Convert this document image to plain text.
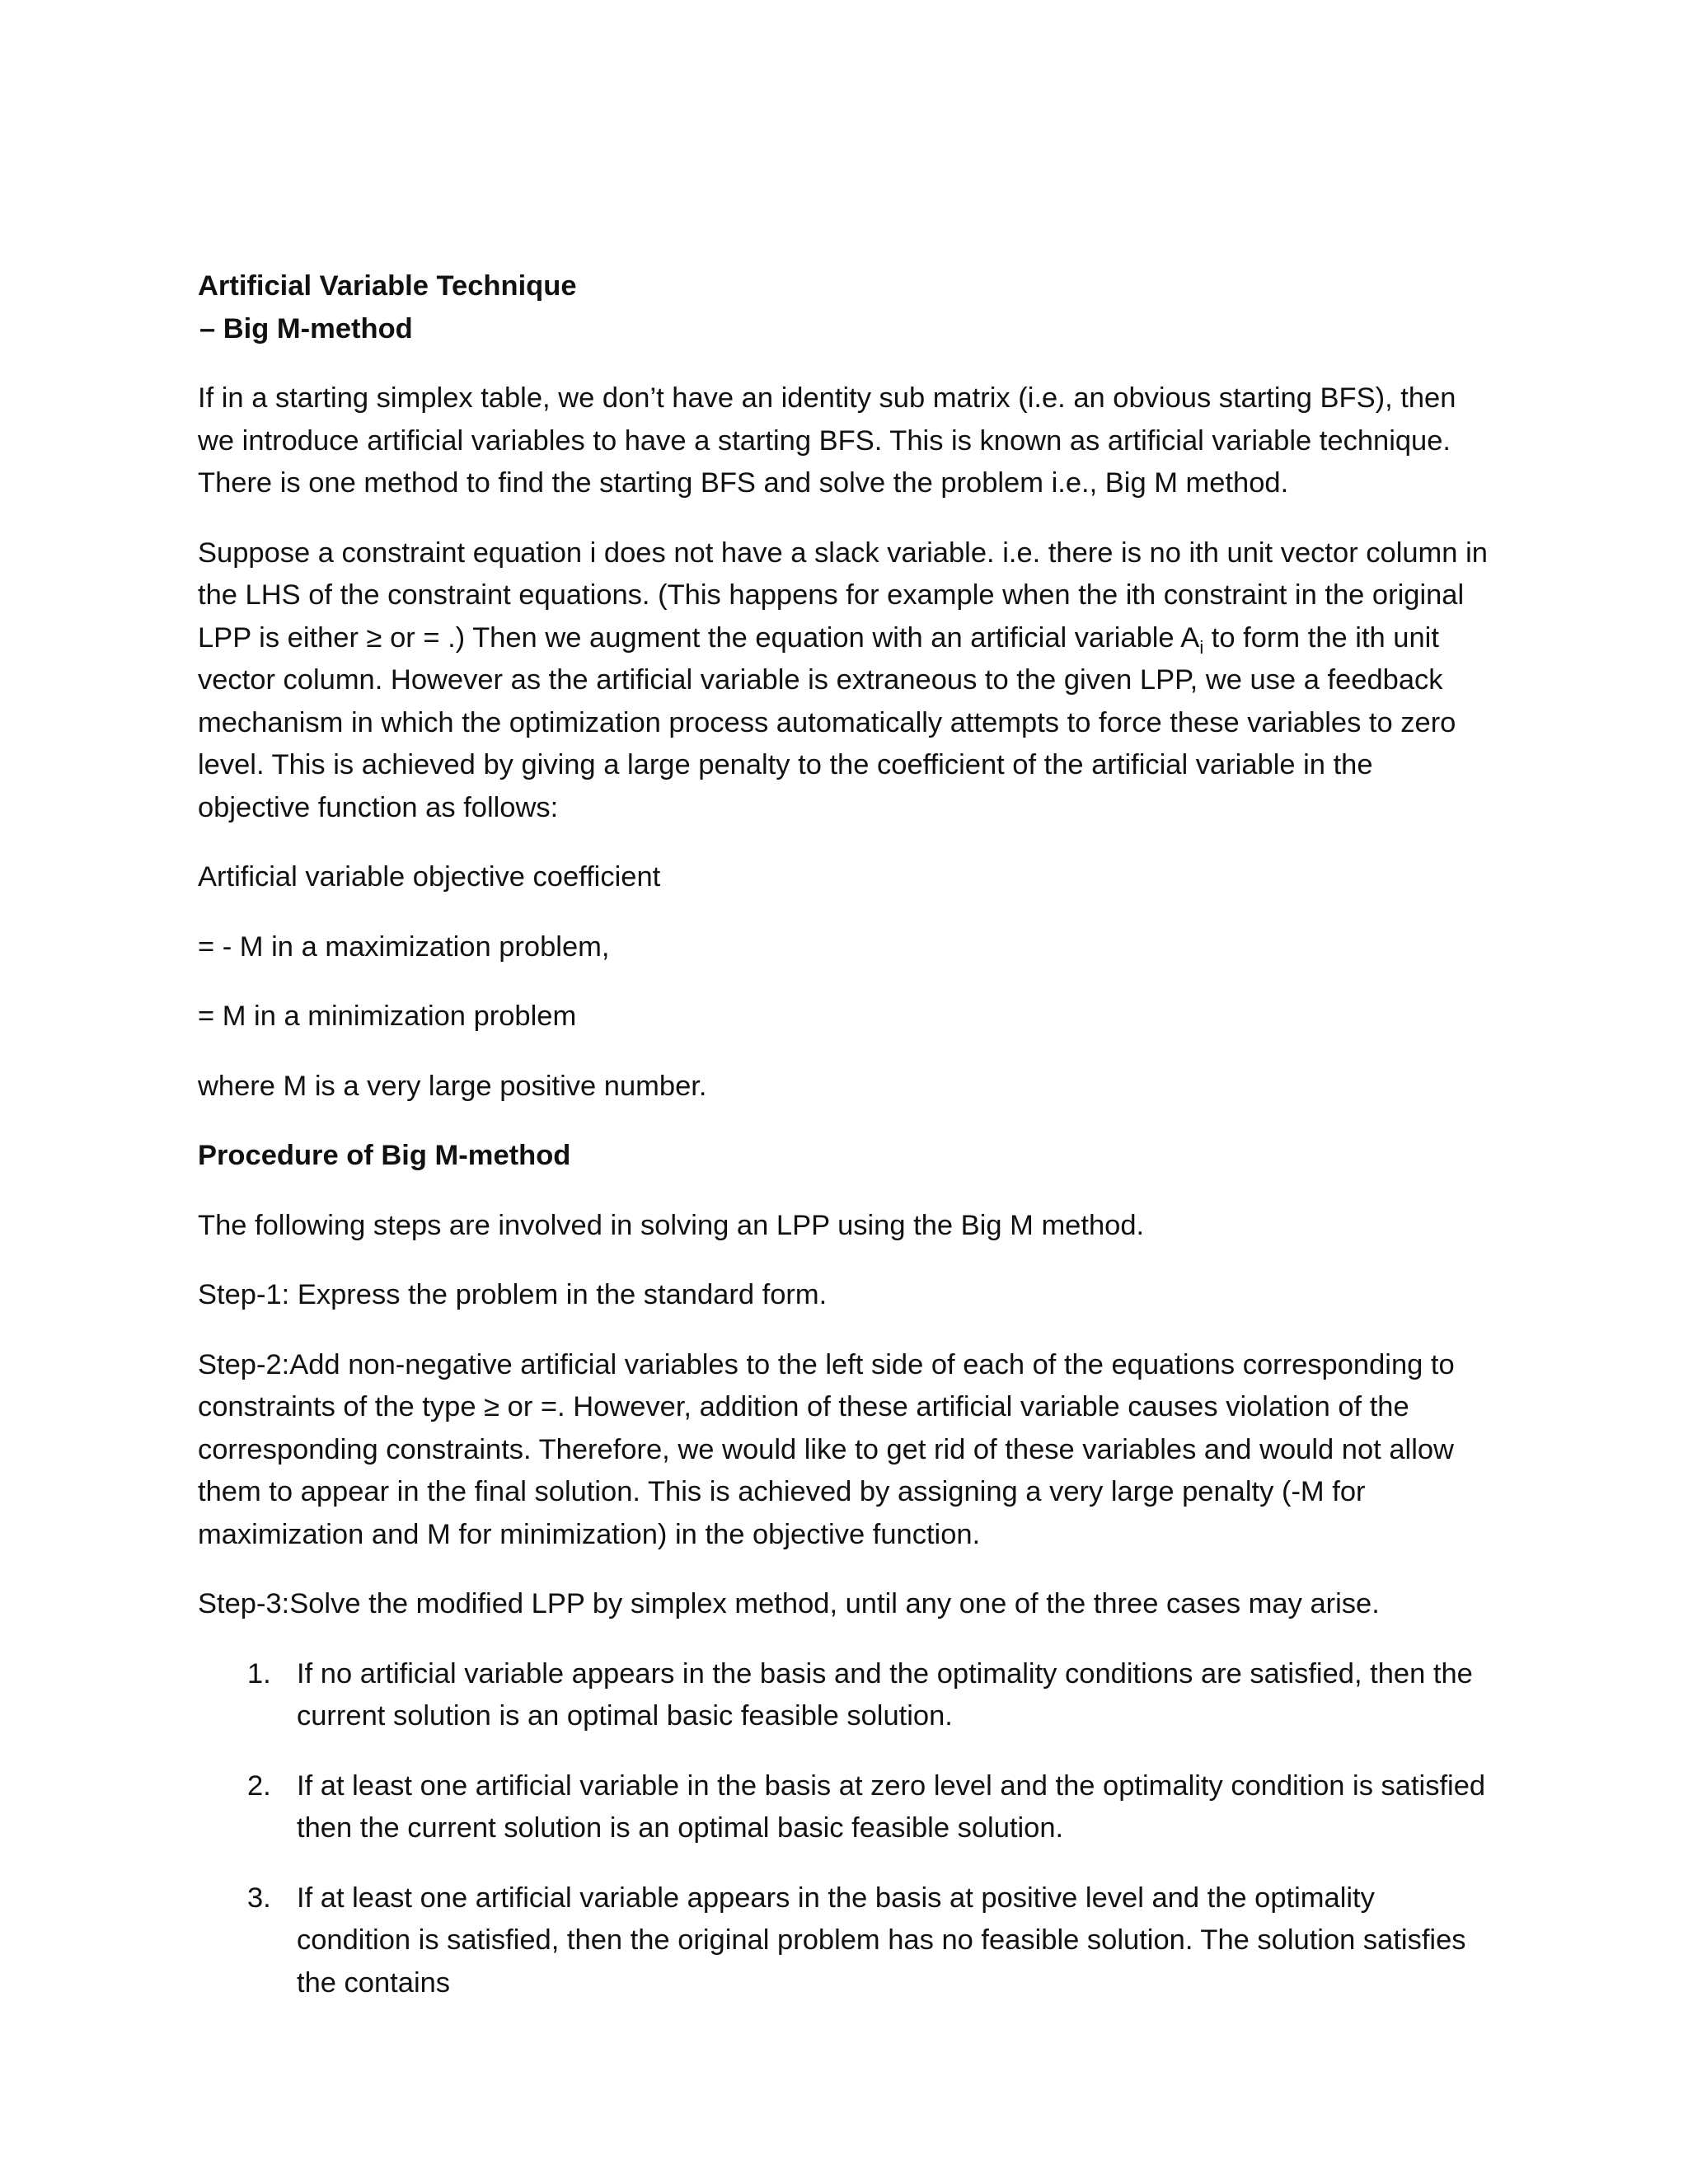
Artificial Variable Technique

– Big M-method

If in a starting simplex table, we don’t have an identity sub matrix (i.e. an obvious starting BFS), then we introduce artificial variables to have a starting BFS. This is known as artificial variable technique. There is one method to find the starting BFS and solve the problem i.e., Big M method.

Suppose a constraint equation i does not have a slack variable. i.e. there is no ith unit vector column in the LHS of the constraint equations. (This happens for example when the ith constraint in the original LPP is either ≥ or = .) Then we augment the equation with an artificial variable $A_i$ to form the ith unit vector column. However as the artificial variable is extraneous to the given LPP, we use a feedback mechanism in which the optimization process automatically attempts to force these variables to zero level. This is achieved by giving a large penalty to the coefficient of the artificial variable in the objective function as follows:

Artificial variable objective coefficient

= - M in a maximization problem,

= M in a minimization problem

where M is a very large positive number.

Procedure of Big M-method

The following steps are involved in solving an LPP using the Big M method.

Step-1: Express the problem in the standard form.

Step-2:Add non-negative artificial variables to the left side of each of the equations corresponding to constraints of the type ≥ or =. However, addition of these artificial variable causes violation of the corresponding constraints. Therefore, we would like to get rid of these variables and would not allow them to appear in the final solution. This is achieved by assigning a very large penalty (-M for maximization and M for minimization) in the objective function.

Step-3:Solve the modified LPP by simplex method, until any one of the three cases may arise.

1. If no artificial variable appears in the basis and the optimality conditions are satisfied, then the current solution is an optimal basic feasible solution.
2. If at least one artificial variable in the basis at zero level and the optimality condition is satisfied then the current solution is an optimal basic feasible solution.
3. If at least one artificial variable appears in the basis at positive level and the optimality condition is satisfied, then the original problem has no feasible solution. The solution satisfies the contains
